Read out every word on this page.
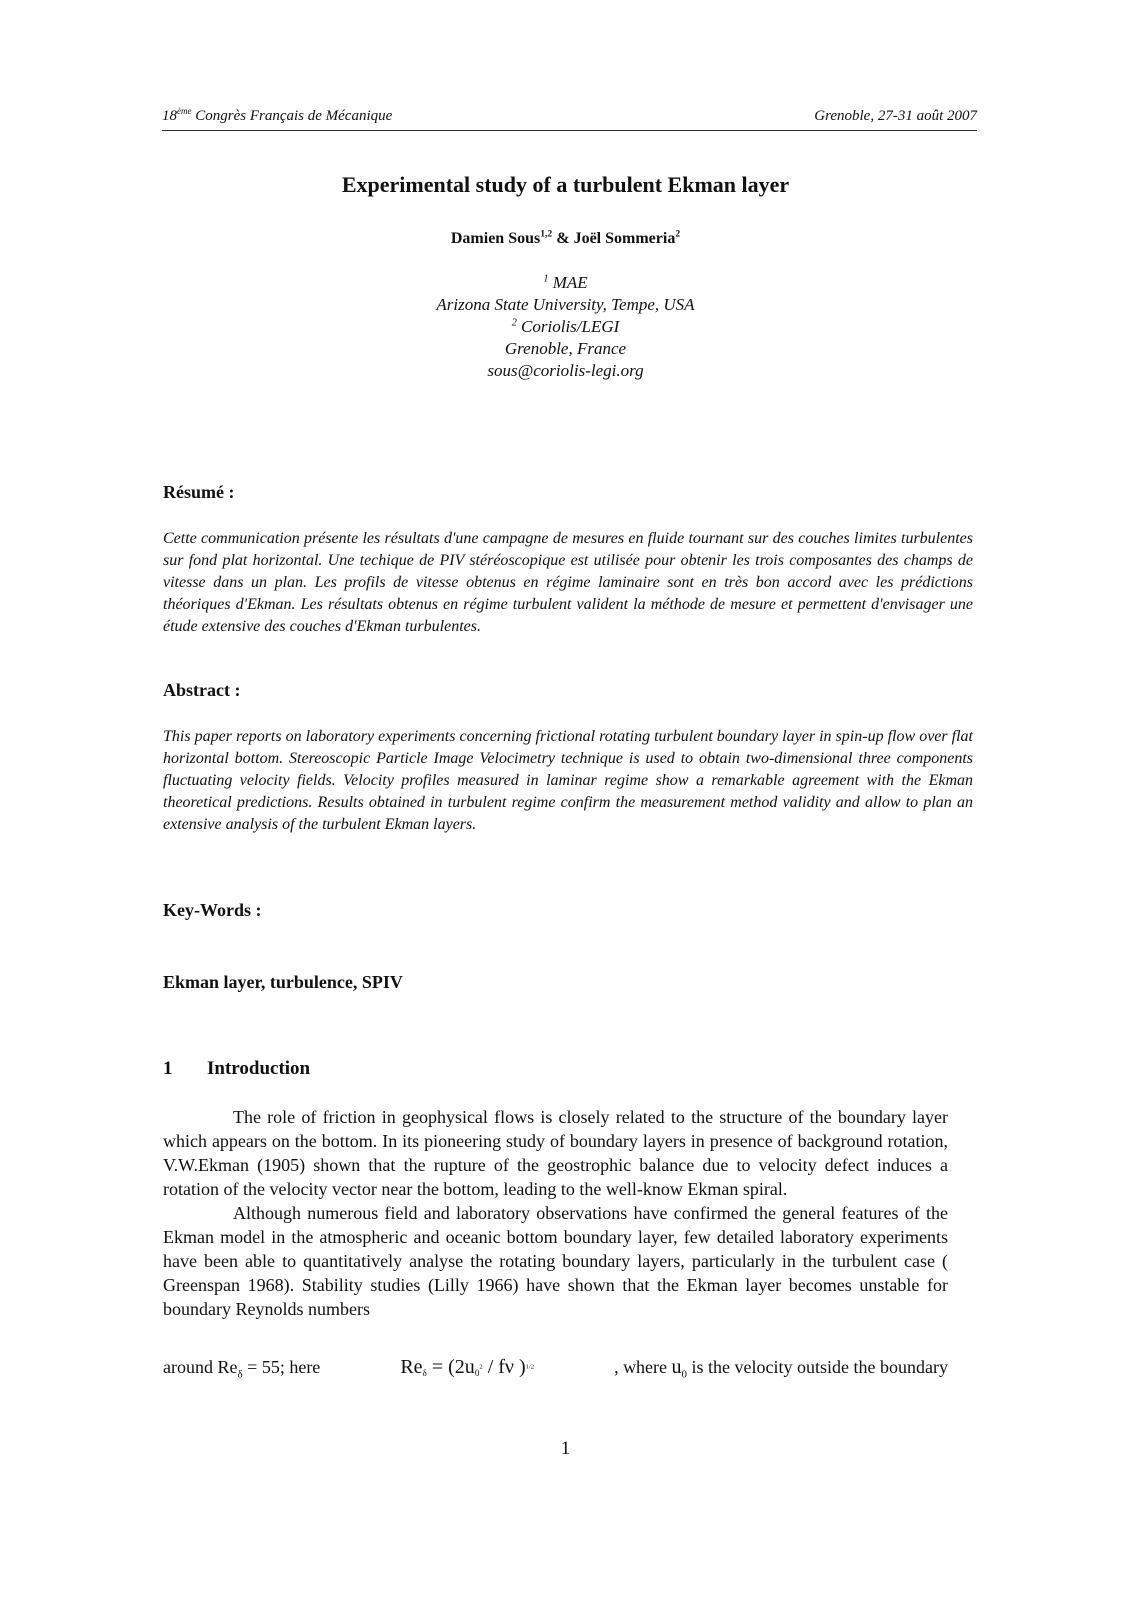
18ème Congrès Français de Mécanique	Grenoble, 27-31 août 2007
Experimental study of a turbulent Ekman layer
Damien Sous$^{1,2}$ & Joël Sommeria$^2$
$^1$ MAE
Arizona State University, Tempe, USA
$^2$ Coriolis/LEGI
Grenoble, France
sous@coriolis-legi.org
Résumé :
Cette communication présente les résultats d'une campagne de mesures en fluide tournant sur des couches limites turbulentes sur fond plat horizontal. Une techique de PIV stéréoscopique est utilisée pour obtenir les trois composantes des champs de vitesse dans un plan. Les profils de vitesse obtenus en régime laminaire sont en très bon accord avec les prédictions théoriques d'Ekman. Les résultats obtenus en régime turbulent valident la méthode de mesure et permettent d'envisager une étude extensive des couches d'Ekman turbulentes.
Abstract :
This paper reports on laboratory experiments concerning frictional rotating turbulent boundary layer in spin-up flow over flat horizontal bottom. Stereoscopic Particle Image Velocimetry technique is used to obtain two-dimensional three components fluctuating velocity fields. Velocity profiles measured in laminar regime show a remarkable agreement with the Ekman theoretical predictions. Results obtained in turbulent regime confirm the measurement method validity and allow to plan an extensive analysis of the turbulent Ekman layers.
Key-Words :
Ekman layer, turbulence, SPIV
1 Introduction

The role of friction in geophysical flows is closely related to the structure of the boundary layer which appears on the bottom. In its pioneering study of boundary layers in presence of background rotation, V.W.Ekman (1905) shown that the rupture of the geostrophic balance due to velocity defect induces a rotation of the velocity vector near the bottom, leading to the well-know Ekman spiral.

Although numerous field and laboratory observations have confirmed the general features of the Ekman model in the atmospheric and oceanic bottom boundary layer, few detailed laboratory experiments have been able to quantitatively analyse the rotating boundary layers, particularly in the turbulent case ( Greenspan 1968). Stability studies (Lilly 1966) have shown that the Ekman layer becomes unstable for boundary Reynolds numbers

around $Re_\delta = 55$; here	$Re_\delta = (2u_0^2 / f\nu$ )$^{1/2}$	, where $u_0$ is the velocity outside the boundary
1
